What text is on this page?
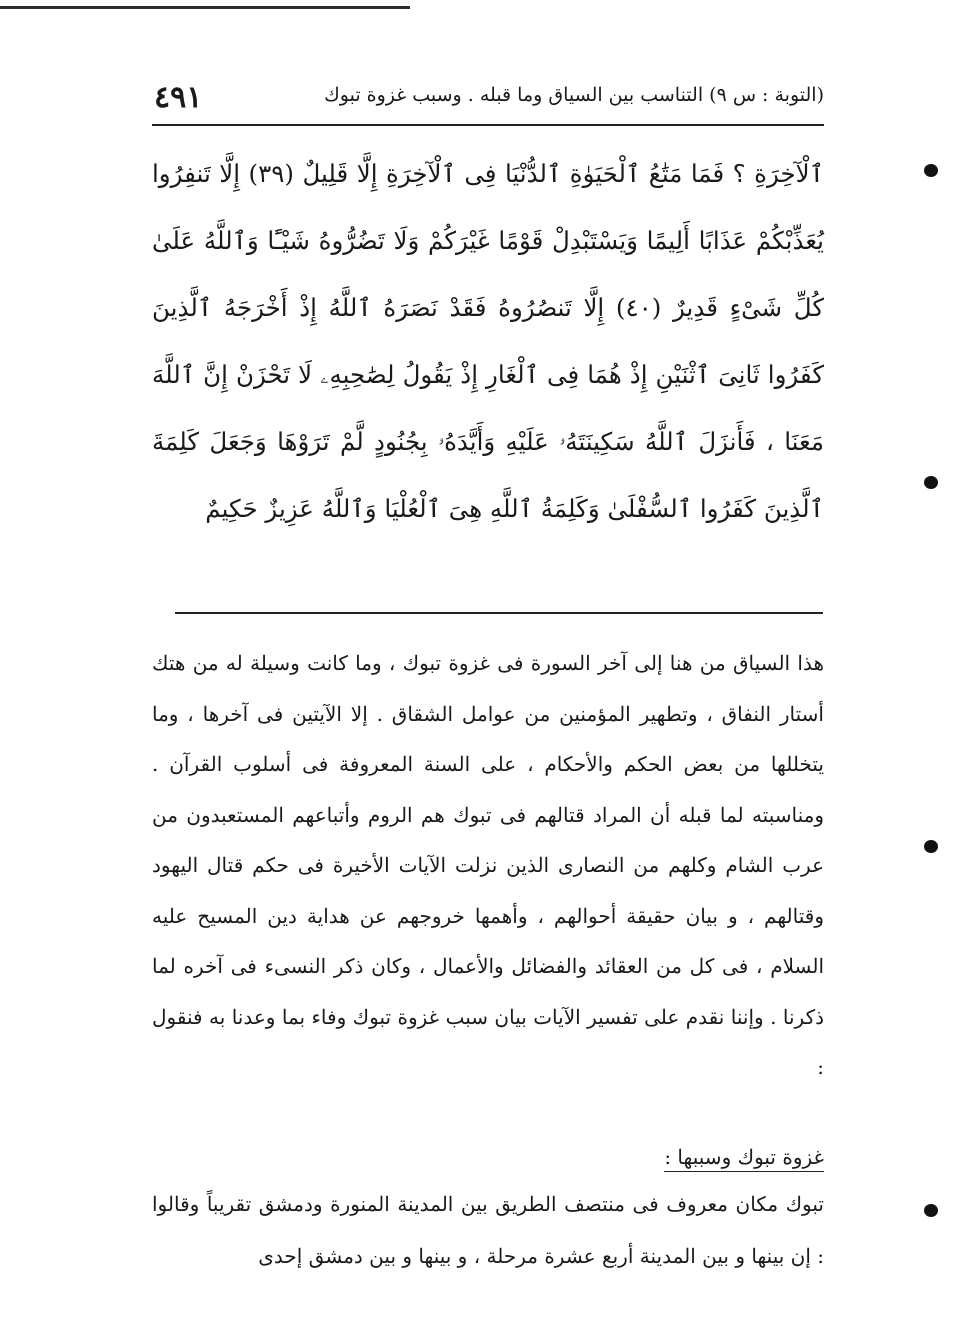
(التوبة : س ٩) التناسب بين السياق وما قبله . وسبب غزوة تبوك
٤٩١
ٱلْآخِرَةِ ؟ فَمَا مَتَٰعُ ٱلْحَيَوٰةِ ٱلدُّنْيَا فِى ٱلْآخِرَةِ إِلَّا قَلِيلٌ (٣٩) إِلَّا تَنفِرُوا يُعَذِّبْكُمْ عَذَابًا أَلِيمًا وَيَسْتَبْدِلْ قَوْمًا غَيْرَكُمْ وَلَا تَضُرُّوهُ شَيْـًٔا وَٱللَّهُ عَلَىٰ كُلِّ شَىْءٍ قَدِيرٌ (٤٠) إِلَّا تَنصُرُوهُ فَقَدْ نَصَرَهُ ٱللَّهُ إِذْ أَخْرَجَهُ ٱلَّذِينَ كَفَرُوا ثَانِىَ ٱثْنَيْنِ إِذْ هُمَا فِى ٱلْغَارِ إِذْ يَقُولُ لِصَٰحِبِهِۦ لَا تَحْزَنْ إِنَّ ٱللَّهَ مَعَنَا ، فَأَنزَلَ ٱللَّهُ سَكِينَتَهُۥ عَلَيْهِ وَأَيَّدَهُۥ بِجُنُودٍ لَّمْ تَرَوْهَا وَجَعَلَ كَلِمَةَ ٱلَّذِينَ كَفَرُوا ٱلسُّفْلَىٰ وَكَلِمَةُ ٱللَّهِ هِىَ ٱلْعُلْيَا وَٱللَّهُ عَزِيزٌ حَكِيمٌ
هذا السياق من هنا إلى آخر السورة فى غزوة تبوك ، وما كانت وسيلة له من هتك أستار النفاق ، وتطهير المؤمنين من عوامل الشقاق . إلا الآيتين فى آخرها ، وما يتخللها من بعض الحكم والأحكام ، على السنة المعروفة فى أسلوب القرآن . ومناسبته لما قبله أن المراد قتالهم فى تبوك هم الروم وأتباعهم المستعبدون من عرب الشام وكلهم من النصارى الذين نزلت الآيات الأخيرة فى حكم قتال اليهود وقتالهم ، و بيان حقيقة أحوالهم ، وأهمها خروجهم عن هداية دين المسيح عليه السلام ، فى كل من العقائد والفضائل والأعمال ، وكان ذكر النسىء فى آخره لما ذكرنا . وإننا نقدم على تفسير الآيات بيان سبب غزوة تبوك وفاء بما وعدنا به فنقول :
غزوة تبوك وسببها :
تبوك مكان معروف فى منتصف الطريق بين المدينة المنورة ودمشق تقريباً وقالوا : إن بينها و بين المدينة أربع عشرة مرحلة ، و بينها و بين دمشق إحدى
